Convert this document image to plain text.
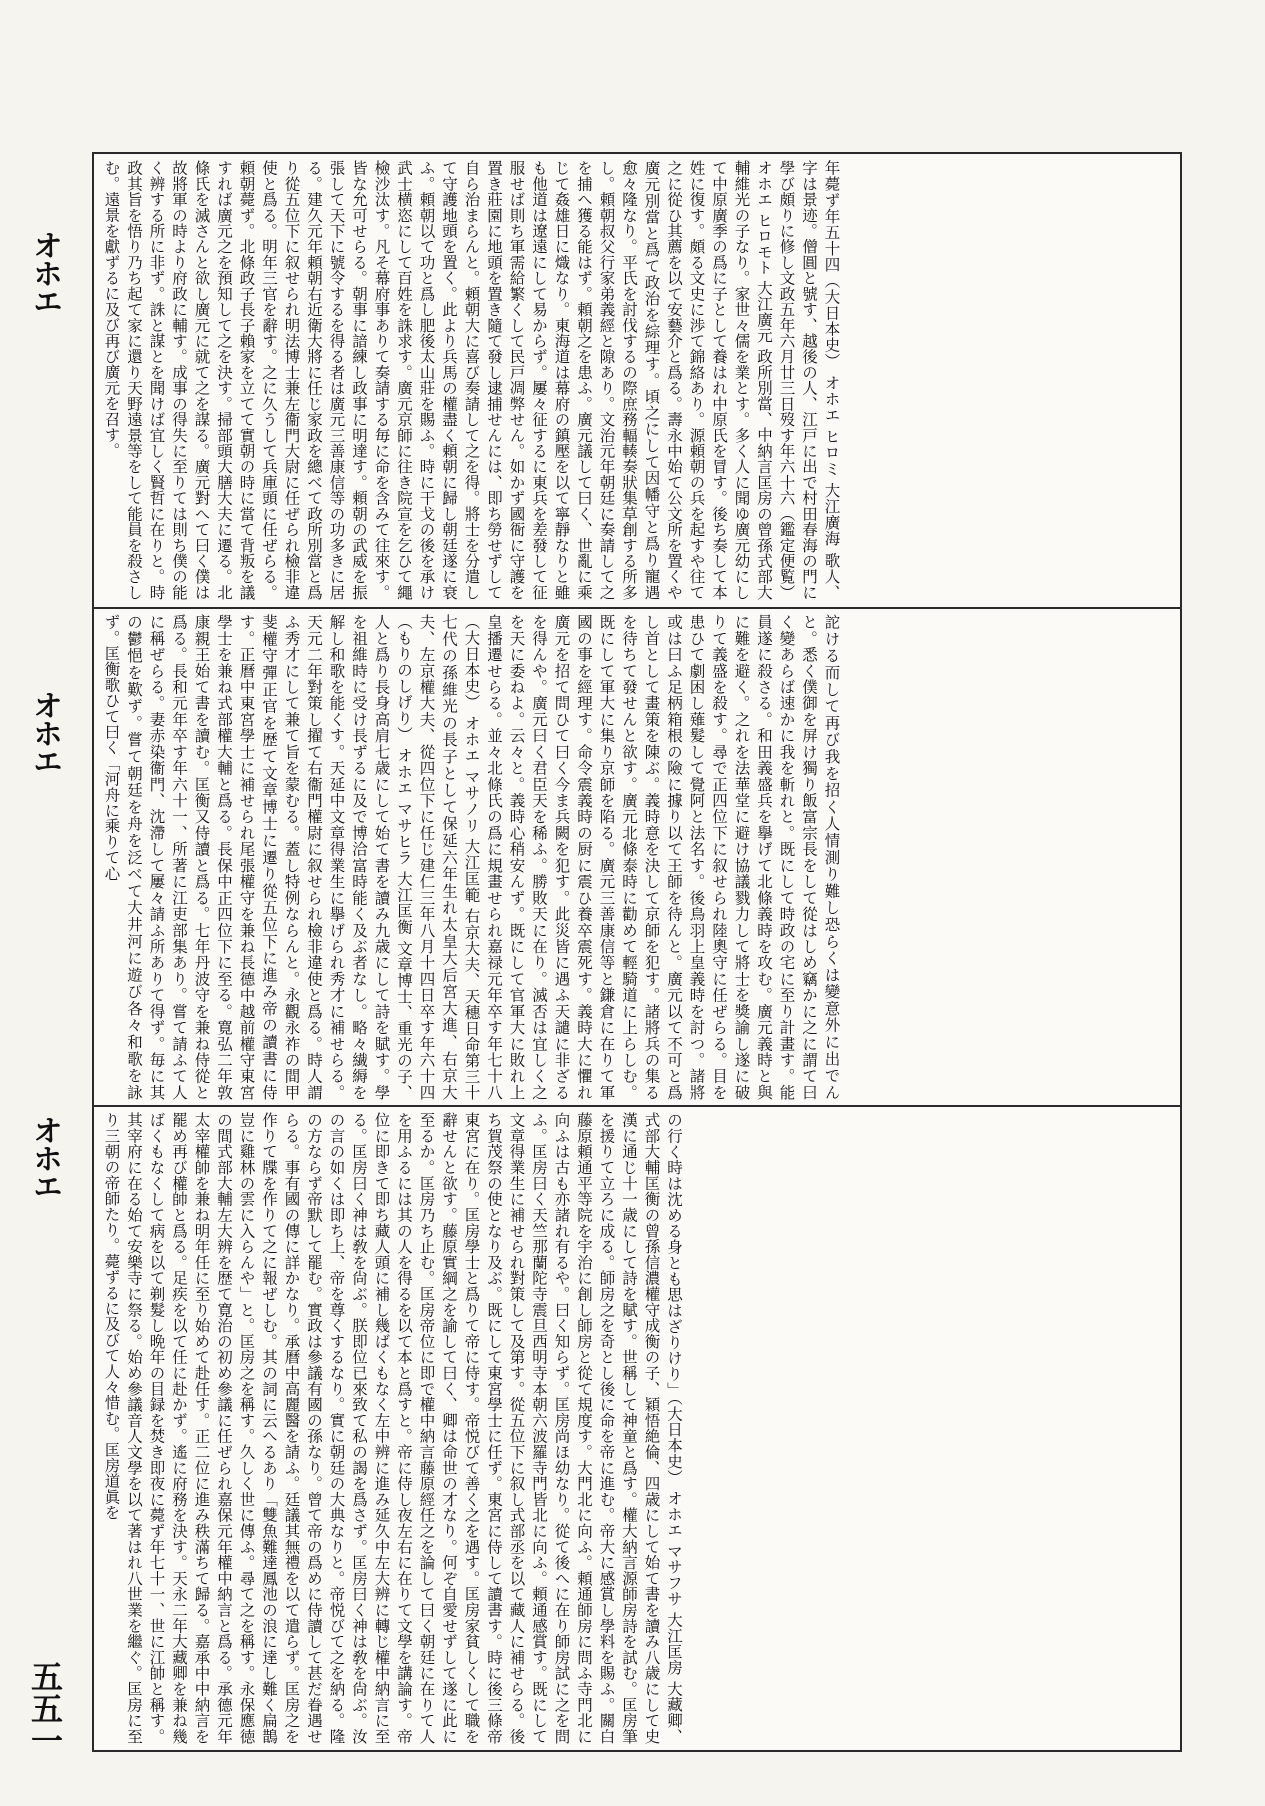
オホエ
オホエ
オホエ
五五一
年薨ず年五十四（大日本史） オホエ ヒロミ 大江廣海 歌人、字は景迹。僧圓と號す、越後の人、江戸に出で村田春海の門に學び頗りに修し文政五年六月廿三日歿す年六十六（鑑定便覧） オホエ ヒロモト 大江廣元 政所別當、中納言匡房の曾孫式部大輔維光の子なり。家世々儒を業とす。多く人に聞ゆ廣元幼にして中原廣季の爲に子として養はれ中原氏を冒す。後ち奏して本姓に復す。頗る文史に渉て錦絡あり。源頼朝の兵を起すや往て之に從ひ其薦を以て安藝介と爲る。壽永中始て公文所を置くや廣元別當と爲て政治を綜理す。頃之にして因幡守と爲り寵遇愈々隆なり。平氏を討伐するの際庶務輻輳奏狀集草創する所多し。頼朝叔父行家弟義經と隙あり。文治元年朝廷に奏請して之を捕へ獲る能はず。頼朝之を患ふ。廣元議して曰く、世亂に乘じて姦雄日に熾なり。東海道は幕府の鎮壓を以て寧靜なりと雖も他道は遼遠にして易からず。屢々征するに東兵を差發して征服せば則ち軍需給繁くして民戸凋弊せん。如かず國衙に守護を置き莊園に地頭を置き隨て發し逮捕せんには、即ち勞せずして自ら治まらんと。頼朝大に喜び奏請して之を得。將士を分遣して守護地頭を置く。此より兵馬の權盡く頼朝に歸し朝廷遂に衰ふ。頼朝以て功と爲し肥後太山莊を賜ふ。時に干戈の後を承け武士横恣にして百姓を誅求す。廣元京師に往き院宣を乞ひて繩檢沙汰す。凡そ幕府事ありて奏請する毎に命を含みて往來す。皆な允可せらる。朝事に諳練し政事に明達す。頼朝の武威を振張して天下に號令するを得る者は廣元三善康信等の功多きに居る。建久元年頼朝右近衛大將に任じ家政を總べて政所別當と爲り從五位下に叙せられ明法博士兼左衞門大尉に任ぜられ檢非違使と爲る。明年三官を辭す。之に久うして兵庫頭に任ぜらる。頼朝薨ず。北條政子長子賴家を立てて實朝の時に當て背叛を議すれば廣元之を預知して之を決す。掃部頭大膳大夫に遷る。北條氏を滅さんと欲し廣元に就て之を謀る。廣元對へて曰く僕は故將軍の時より府政に輔す。成事の得失に至りては則ち僕の能く辨する所に非ず。誅と謀とを聞けば宜しく賢哲に在りと。時政其旨を悟り乃ち起て家に還り天野遠景等をして能員を殺さしむ。遠景を獻ずるに及び再び廣元を召す。
詑ける而して再び我を招く人情測り難し恐らくは變意外に出でんと。悉く僕御を屏け獨り飯富宗長をして從はしめ竊かに之に謂て曰く變あらば速かに我を斬れと。既にして時政の宅に至り計畫す。能員遂に殺さる。和田義盛兵を擧げて北條義時を攻む。廣元義時と與に難を避く。之れを法華堂に避け協議戮力して將士を獎諭し遂に破りて義盛を殺す。尋で正四位下に叙せられ陸奧守に任ぜらる。目を患ひて劇困し薙髮して覺阿と法名す。後鳥羽上皇義時を討つ。諸將或は曰ふ足柄箱根の險に據り以て王師を待んと。廣元以て不可と爲し首として畫策を陳ぶ。義時意を決して京師を犯す。諸將兵の集るを待ちて發せんと欲す。廣元北條泰時に勸めて輕騎道に上らしむ。既にして軍大に集り京師を陷る。廣元三善康信等と鎌倉に在りて軍國の事を經理す。命令震義時の厨に震ひ養卒震死す。義時大に懼れ廣元を招て問ひて曰く今ま兵闕を犯す。此災皆に遇ふ天譴に非ざるを得んや。廣元曰く君臣天を稀ふ。勝敗天に在り。滅否は宜しく之を天に委ねよ。云々と。義時心稍安んず。既にして官軍大に敗れ上皇播遷せらる。並々北條氏の爲に規畫せられ嘉禄元年卒す年七十八（大日本史） オホエ マサノリ 大江匡範 右京大夫、天穗日命第三十七代の孫維光の長子として保延六年生れ太皇大后宮大進、右京大夫、左京權大夫、從四位下に任じ建仁三年八月十四日卒す年六十四（もりのしげり） オホエ マサヒラ 大江匡衡 文章博士、重光の子、人と爲り長身高肩七歳にして始て書を讀み九歳にして詩を賦す。學を祖維時に受け長ずるに及で博洽富時能く及ぶ者なし。略々繊縟を解し和歌を能くす。天延中文章得業生に擧げられ秀才に補せらる。天元二年對策し擢て右衞門權尉に叙せられ檢非違使と爲る。時人謂ふ秀才にして兼て旨を蒙むる。蓋し特例ならんと。永觀永祚の間甲斐權守彈正官を歴て文章博士に遷り從五位下に進み帝の讀書に侍す。正曆中東宮學士に補せられ尾張權守を兼ね長德中越前權守東宮學士を兼ね式部權大輔と爲る。長保中正四位下に至る。寛弘二年敦康親王始て書を讀む。匡衡又侍讀と爲る。七年丹波守を兼ね侍從と爲る。長和元年卒す年六十一、所著に江吏部集あり。嘗て請ふて人に稱ぜらる。妻赤染衞門、沈滯して屢々請ふ所ありて得ず。毎に其の鬱悒を歎ず。嘗て朝廷を舟を泛べて大井河に遊び各々和歌を詠ず。匡衡歌ひて曰く「河舟に乘りて心
の行く時は沈める身とも思はざりけり」（大日本史） オホエ マサフサ 大江匡房 大藏卿、式部大輔匡衡の曾孫信濃權守成衡の子、穎悟絶倫、四歳にして始て書を讀み八歳にして史漢に通じ十一歳にして詩を賦す。世稱して神童と爲す。權大納言源師房詩を試む。匡房筆を援りて立ろに成る。師房之を奇とし後に命を帝に進む。帝大に感賞し學料を賜ふ。關白藤原頼通平等院を宇治に創し師房と從て規度す。大門北に向ふ。頼通師房に問ふ寺門北に向ふは古も亦諸れ有るや。曰く知らず。匡房尚ほ幼なり。從て後へに在り師房試に之を問ふ。匡房曰く天竺那蘭陀寺震旦西明寺本朝六波羅寺門皆北に向ふ。頼通感賞す。既にして文章得業生に補せられ對策して及第す。從五位下に叙し式部丞を以て藏人に補せらる。後ち賀茂祭の使となり及ぶ。既にして東宮學士に任ず。東宮に侍して讀書す。時に後三條帝東宮に在り。匡房學士と爲りて帝に侍す。帝悦びて善く之を遇す。匡房家貧しくして職を辭せんと欲す。藤原實綱之を諭して曰く、卿は命世の才なり。何ぞ自愛せずして遂に此に至るか。匡房乃ち止む。匡房帝位に即で權中納言藤原經任之を論して曰く朝廷に在りて人を用ふるには其の人を得るを以て本と爲すと。帝に侍し夜左右に在りて文學を講論す。帝位に即きて即ち藏人頭に補し幾ばくもなく左中辨に進み延久中左大辨に轉じ權中納言に至る。匡房曰く神は敎を尙ぶ。朕即位已來致て私の謁を爲さず。匡房曰く神は敎を尙ぶ。汝の言の如くは即ち上、帝を尊くするなり。實に朝廷の大典なりと。帝悦びて之を納る。隆の方ならず帝默して罷む。實政は參議有國の孫なり。曾て帝の爲めに侍讀して甚だ眷遇せらる。事有國の傳に詳かなり。承曆中高麗醫を請ふ。廷議其無禮を以て遣らず。匡房之を作りて牒を作りて之に報ぜしむ。其の詞に云へるあり「雙魚難達鳳池の浪に達し難く扁鵲豈に雞林の雲に入らんや」と。匡房之を稱す。久しく世に傳ふ。尋て之を稱す。永保應徳の間式部大輔左大辨を歴て寛治の初め參議に任ぜられ嘉保元年權中納言と爲る。承德元年太宰權帥を兼ね明年任に至り始めて赴任す。正二位に進み秩滿ちて歸る。嘉承中中納言を罷め再び權帥と爲る。足疾を以て任に赴かず。遙に府務を決す。天永二年大藏卿を兼ね幾ばくもなくして病を以て剃髮し晩年の目録を焚き即夜に薨ず年七十一、世に江帥と稱す。其宰府に在る始て安樂寺に祭る。始め參議音人文學を以て著はれ八世業を繼ぐ。匡房に至り三朝の帝師たり。薨ずるに及びて人々惜む。匡房道眞を
